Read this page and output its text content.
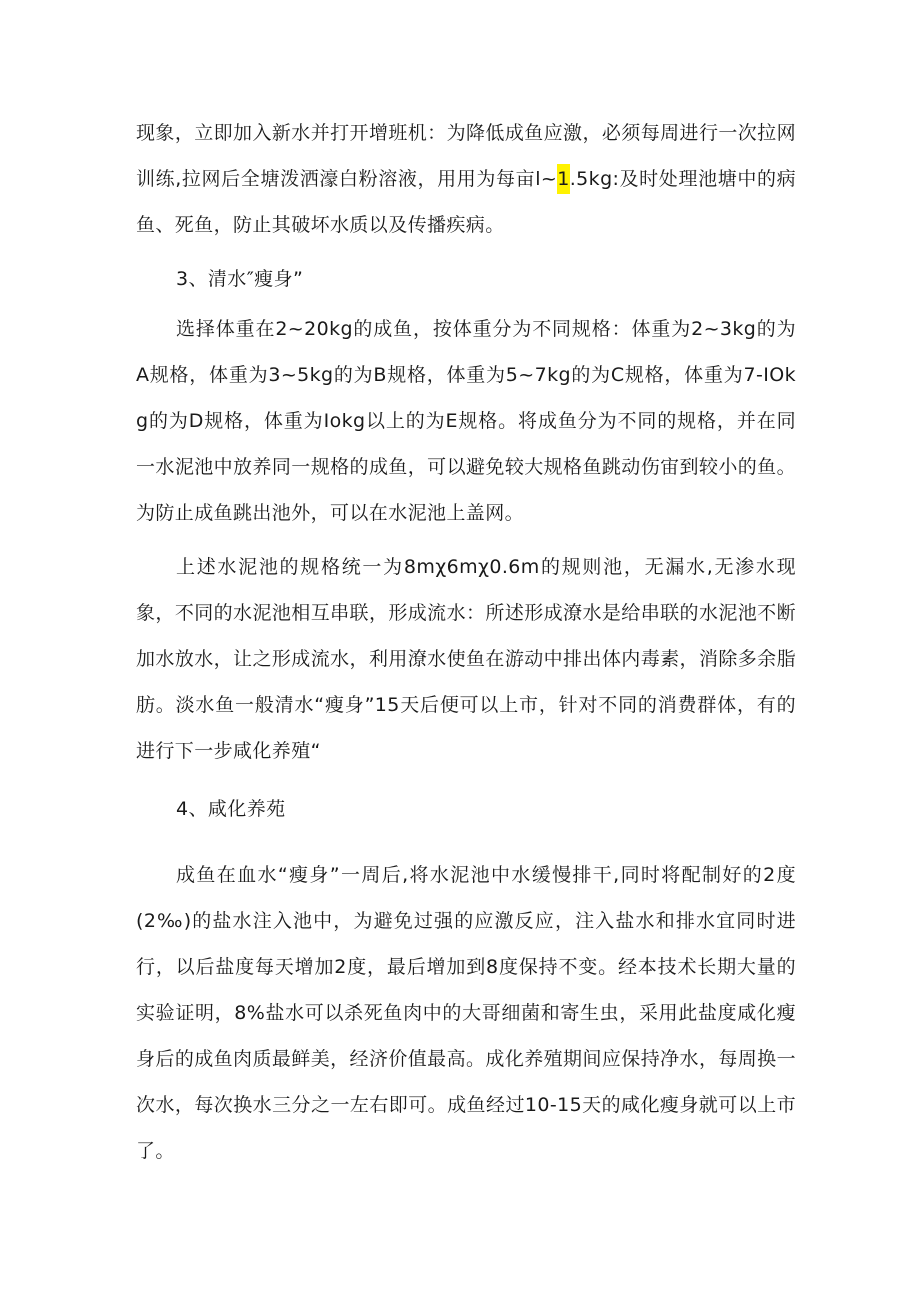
现象，立即加入新水并打开增班机：为降低成鱼应激，必须每周进行一次拉网训练,拉网后全塘泼洒濠白粉溶液，用用为每亩l~1.5kg:及时处理池塘中的病鱼、死鱼，防止其破坏水质以及传播疾病。

3、清水″瘦身”

选择体重在2~20kg的成鱼，按体重分为不同规格：体重为2~3kg的为A规格，体重为3~5kg的为B规格，体重为5~7kg的为C规格，体重为7-IOkg的为D规格，体重为Iokg以上的为E规格。将成鱼分为不同的规格，并在同一水泥池中放养同一规格的成鱼，可以避免较大规格鱼跳动伤宙到较小的鱼。为防止成鱼跳出池外，可以在水泥池上盖网。

上述水泥池的规格统一为8mχ6mχ0.6m的规则池，无漏水,无渗水现象，不同的水泥池相互串联，形成流水：所述形成潦水是给串联的水泥池不断加水放水，让之形成流水，利用潦水使鱼在游动中排出体内毒素，消除多余脂肪。淡水鱼一般清水“瘦身”15天后便可以上市，针对不同的消费群体，有的进行下一步咸化养殖“

4、咸化养苑

成鱼在血水“瘦身”一周后,将水泥池中水缓慢排干,同时将配制好的2度(2‰)的盐水注入池中，为避免过强的应激反应，注入盐水和排水宜同时进行，以后盐度每天增加2度，最后增加到8度保持不变。经本技术长期大量的实验证明，8%盐水可以杀死鱼肉中的大哥细菌和寄生虫，采用此盐度咸化瘦身后的成鱼肉质最鲜美，经济价值最高。成化养殖期间应保持净水，每周换一次水，每次换水三分之一左右即可。成鱼经过10-15天的咸化瘦身就可以上市了。
